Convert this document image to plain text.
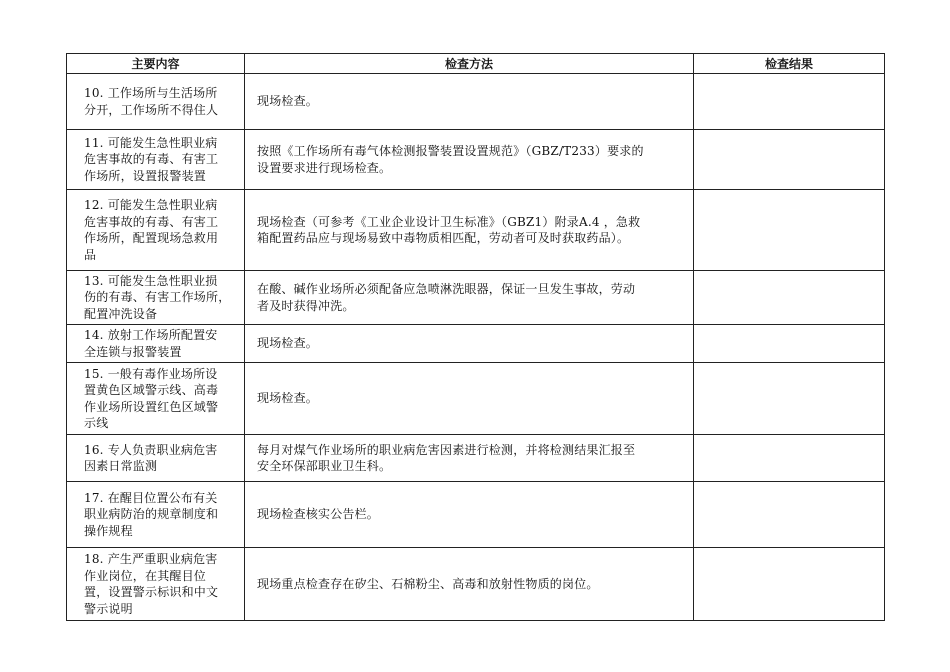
主要内容	检查方法	检查结果

10. 工作场所与生活场所
分开，工作场所不得住人	现场检查。	

11. 可能发生急性职业病
危害事故的有毒、有害工
作场所，设置报警装置	按照《工作场所有毒气体检测报警装置设置规范》（GBZ/T233）要求的
设置要求进行现场检查。	

12. 可能发生急性职业病
危害事故的有毒、有害工
作场所，配置现场急救用
品	现场检查（可参考《工业企业设计卫生标准》（GBZ1）附录A.4 ，急救
箱配置药品应与现场易致中毒物质相匹配，劳动者可及时获取药品）。	

13. 可能发生急性职业损
伤的有毒、有害工作场所，
配置冲洗设备	在酸、碱作业场所必须配备应急喷淋洗眼器，保证一旦发生事故，劳动
者及时获得冲洗。	

14. 放射工作场所配置安
全连锁与报警装置	现场检查。	

15. 一般有毒作业场所设
置黄色区域警示线、高毒
作业场所设置红色区域警
示线	现场检查。	

16. 专人负责职业病危害
因素日常监测	每月对煤气作业场所的职业病危害因素进行检测，并将检测结果汇报至
安全环保部职业卫生科。	

17. 在醒目位置公布有关
职业病防治的规章制度和
操作规程	现场检查核实公告栏。	

18. 产生严重职业病危害
作业岗位，在其醒目位
置，设置警示标识和中文
警示说明	现场重点检查存在矽尘、石棉粉尘、高毒和放射性物质的岗位。	
